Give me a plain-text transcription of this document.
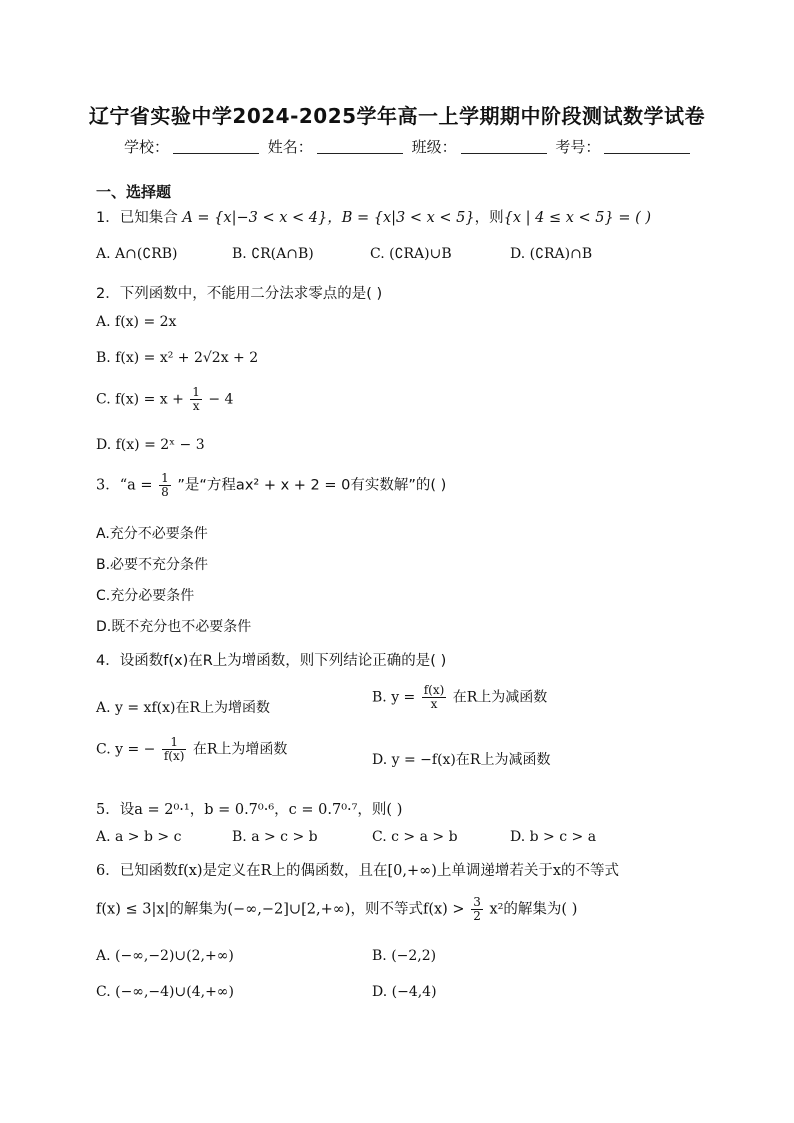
辽宁省实验中学2024-2025学年高一上学期期中阶段测试数学试卷
学校：	姓名：	班级：	考号：
一、选择题
1．已知集合 A = {x|−3 < x < 4}，B = {x|3 < x < 5}，则{x | 4 ≤ x < 5} = ( )
A. A∩(∁RB)	B. ∁R(A∩B)	C. (∁RA)∪B	D. (∁RA)∩B
2．下列函数中，不能用二分法求零点的是( )
A. f(x) = 2x
B. f(x) = x² + 2√2x + 2
C. $f(x) = x + \frac{1}{x} - 4$
D. f(x) = 2ˣ − 3
3．“$a = \frac{1}{8}$ ”是“方程ax² + x + 2 = 0有实数解”的( )
A.充分不必要条件
B.必要不充分条件
C.充分必要条件
D.既不充分也不必要条件
4．设函数f(x)在R上为增函数，则下列结论正确的是( )
A. y = xf(x)在R上为增函数
B. $y = \frac{f(x)}{x}$ 在R上为减函数
C. y = − $\frac{1}{f(x)}$ 在R上为增函数
D. y = −f(x)在R上为减函数
5．设a = 2⁰·¹，b = 0.7⁰·⁶，c = 0.7⁰·⁷，则( )
A. a > b > c	B. a > c > b	C. c > a > b	D. b > c > a
6．已知函数f(x)是定义在R上的偶函数，且在[0,+∞)上单调递增若关于x的不等式
f(x) ≤ 3|x|的解集为(−∞,−2]∪[2,+∞)，则不等式$f(x) > \frac{3}{2} x^2$的解集为( )
A. (−∞,−2)∪(2,+∞)	B. (−2,2)
C. (−∞,−4)∪(4,+∞)	D. (−4,4)
